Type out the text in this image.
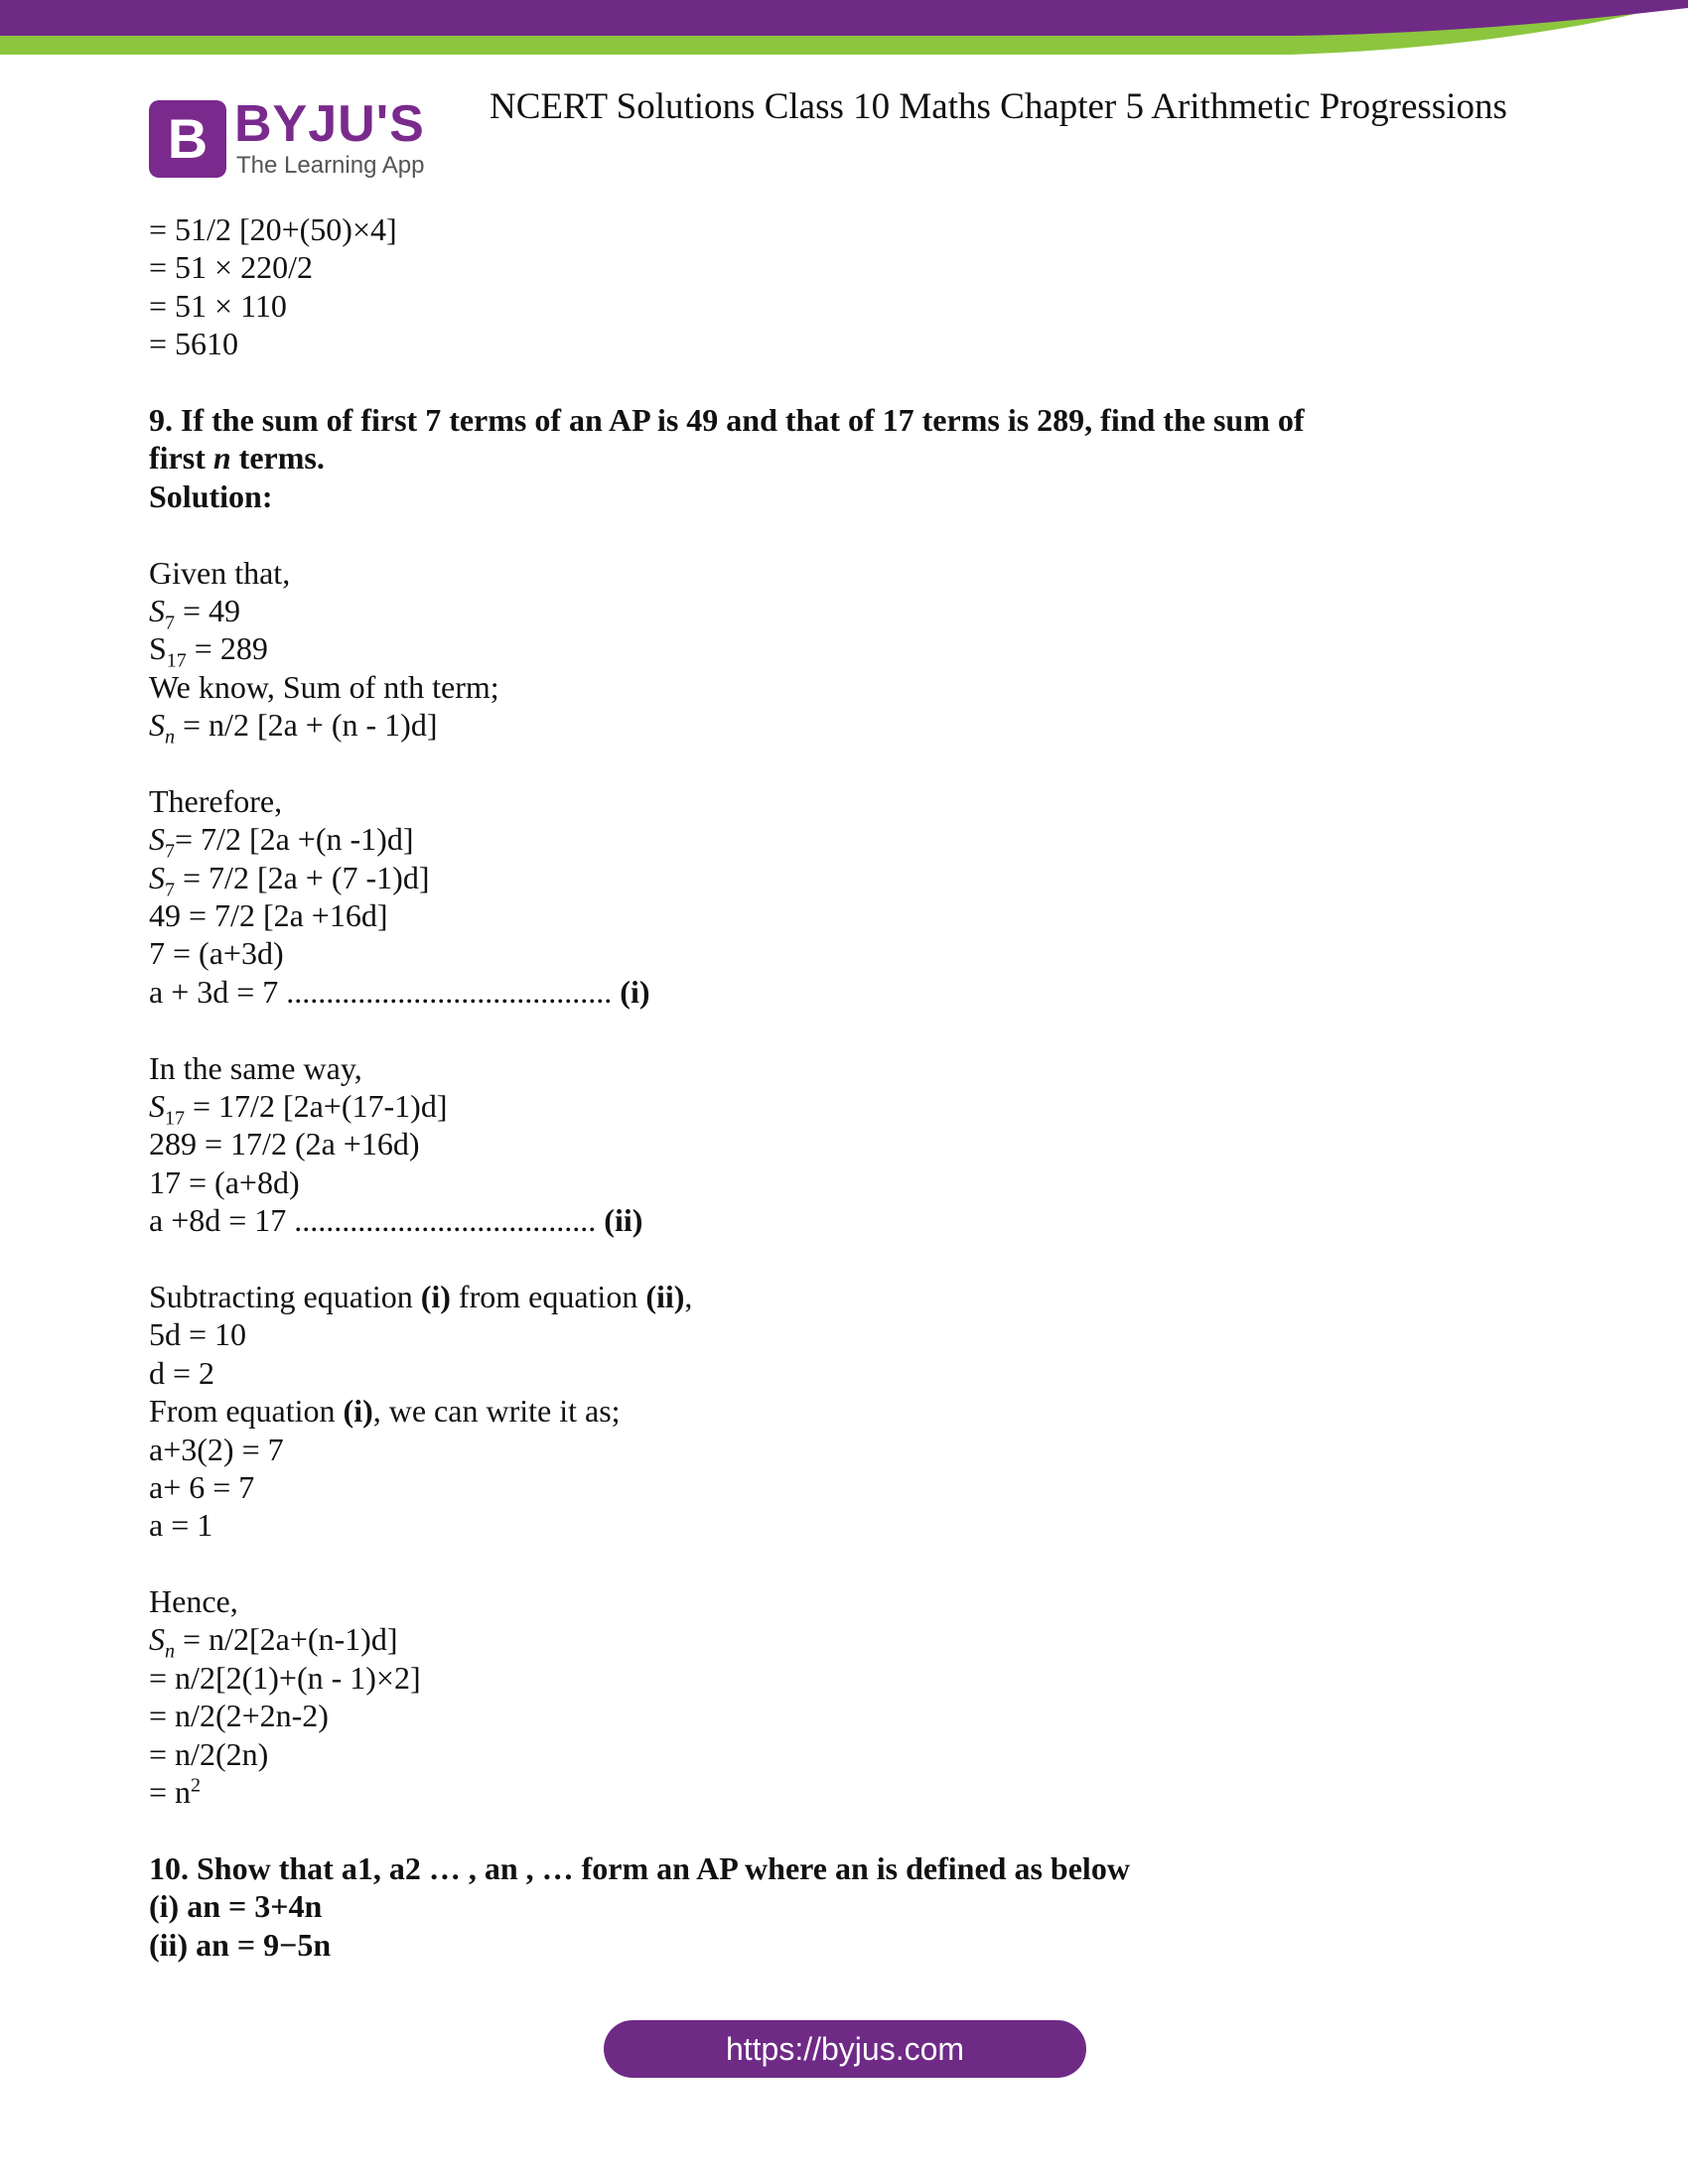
B BYJU'S
The Learning App
NCERT Solutions Class 10 Maths Chapter 5 Arithmetic Progressions
= 51/2 [20+(50)×4]
= 51 × 220/2
= 51 × 110
= 5610
9. If the sum of first 7 terms of an AP is 49 and that of 17 terms is 289, find the sum of
first n terms.
Solution:
Given that,
$S_7 = 49$
$S_{17} = 289$
We know, Sum of nth term;
$S_n = n/2$ [2a + (n - 1)d]
Therefore,
$S_7= 7/2$ [2a +(n -1)d]
$S_7 = 7/2$ [2a + (7 -1)d]
49 = 7/2 [2a +16d]
7 = (a+3d)
a + 3d = 7 ......................................... (i)
In the same way,
$S_{17} = 17/2$ [2a+(17-1)d]
289 = 17/2 (2a +16d)
17 = (a+8d)
a +8d = 17 ...................................... (ii)
Subtracting equation (i) from equation (ii),
5d = 10
d = 2
From equation (i), we can write it as;
a+3(2) = 7
a+ 6 = 7
a = 1
Hence,
$S_n = n/2[2a+(n-1)d]$
= n/2[2(1)+(n - 1)×2]
= n/2(2+2n-2)
= n/2(2n)
= $n^2$
10. Show that a1, a2 … , an , … form an AP where an is defined as below
(i) an = 3+4n
(ii) an = 9−5n
https://byjus.com
